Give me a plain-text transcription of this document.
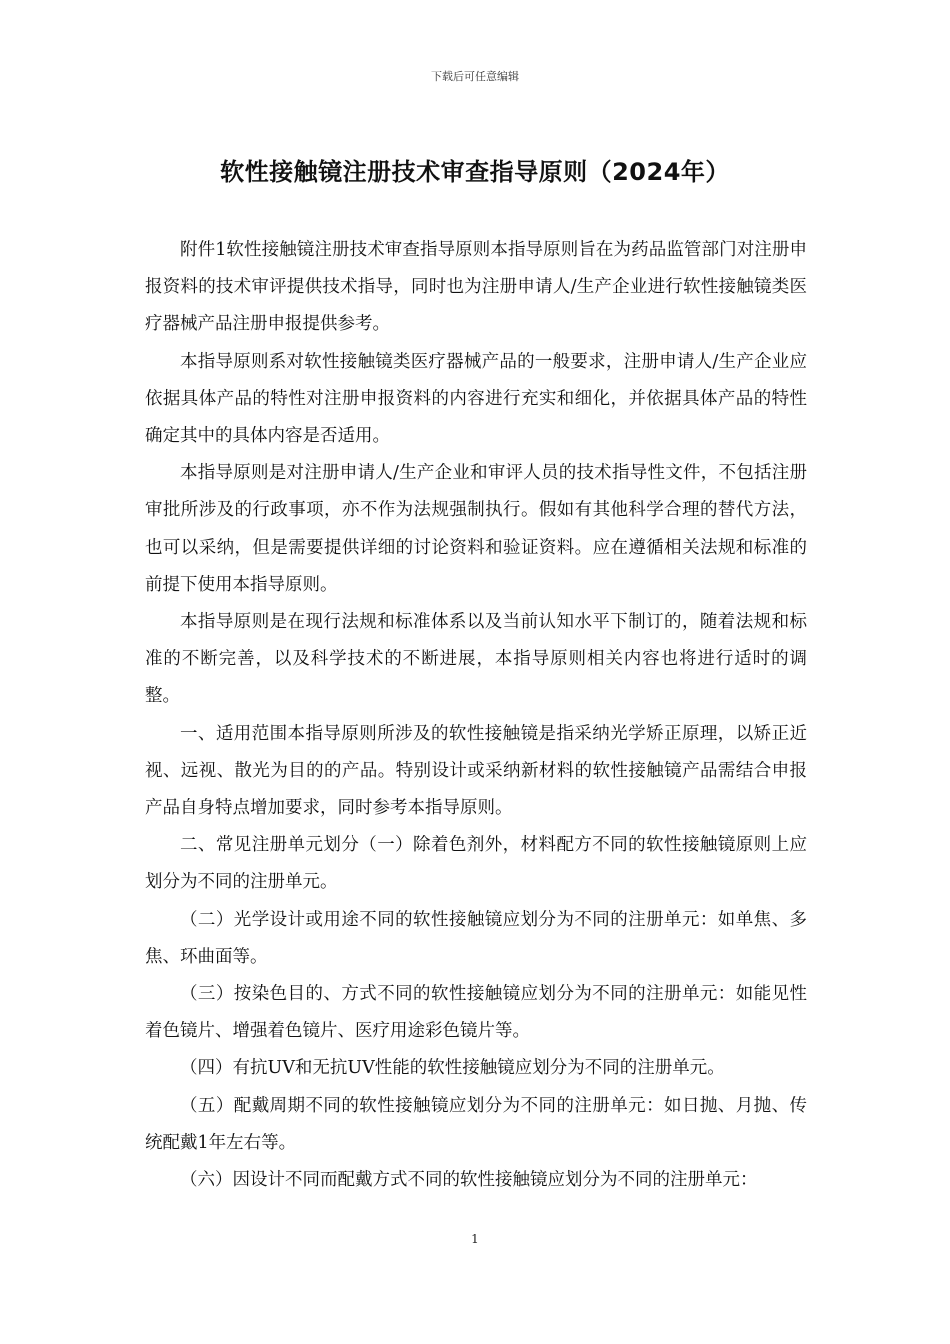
下载后可任意编辑
软性接触镜注册技术审查指导原则（2024年）

附件1软性接触镜注册技术审查指导原则本指导原则旨在为药品监管部门对注册申报资料的技术审评提供技术指导，同时也为注册申请人/生产企业进行软性接触镜类医疗器械产品注册申报提供参考。

本指导原则系对软性接触镜类医疗器械产品的一般要求，注册申请人/生产企业应依据具体产品的特性对注册申报资料的内容进行充实和细化，并依据具体产品的特性确定其中的具体内容是否适用。

本指导原则是对注册申请人/生产企业和审评人员的技术指导性文件，不包括注册审批所涉及的行政事项，亦不作为法规强制执行。假如有其他科学合理的替代方法，也可以采纳，但是需要提供详细的讨论资料和验证资料。应在遵循相关法规和标准的前提下使用本指导原则。

本指导原则是在现行法规和标准体系以及当前认知水平下制订的，随着法规和标准的不断完善，以及科学技术的不断进展，本指导原则相关内容也将进行适时的调整。

一、适用范围本指导原则所涉及的软性接触镜是指采纳光学矫正原理，以矫正近视、远视、散光为目的的产品。特别设计或采纳新材料的软性接触镜产品需结合申报产品自身特点增加要求，同时参考本指导原则。

二、常见注册单元划分（一）除着色剂外，材料配方不同的软性接触镜原则上应划分为不同的注册单元。

（二）光学设计或用途不同的软性接触镜应划分为不同的注册单元：如单焦、多焦、环曲面等。

（三）按染色目的、方式不同的软性接触镜应划分为不同的注册单元：如能见性着色镜片、增强着色镜片、医疗用途彩色镜片等。

（四）有抗UV和无抗UV性能的软性接触镜应划分为不同的注册单元。

（五）配戴周期不同的软性接触镜应划分为不同的注册单元：如日抛、月抛、传统配戴1年左右等。

（六）因设计不同而配戴方式不同的软性接触镜应划分为不同的注册单元：

1
